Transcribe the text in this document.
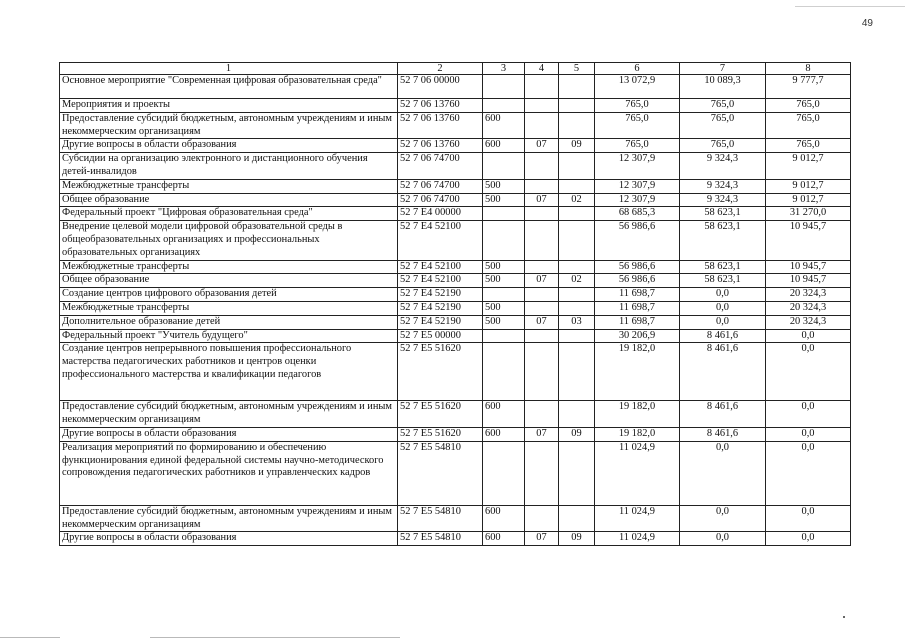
49
1	2	3	4	5	6	7	8
Основное мероприятие "Современная цифровая образовательная среда"	52 7 06 00000				13 072,9	10 089,3	9 777,7
Мероприятия и проекты	52 7 06 13760				765,0	765,0	765,0
Предоставление субсидий бюджетным, автономным учреждениям и иным некоммерческим организациям	52 7 06 13760	600			765,0	765,0	765,0
Другие вопросы в области образования	52 7 06 13760	600	07	09	765,0	765,0	765,0
Субсидии на организацию электронного и дистанционного обучения детей-инвалидов	52 7 06 74700				12 307,9	9 324,3	9 012,7
Межбюджетные трансферты	52 7 06 74700	500			12 307,9	9 324,3	9 012,7
Общее образование	52 7 06 74700	500	07	02	12 307,9	9 324,3	9 012,7
Федеральный проект "Цифровая образовательная среда"	52 7 E4 00000				68 685,3	58 623,1	31 270,0
Внедрение целевой модели цифровой образовательной среды в общеобразовательных организациях и профессиональных образовательных организациях	52 7 E4 52100				56 986,6	58 623,1	10 945,7
Межбюджетные трансферты	52 7 E4 52100	500			56 986,6	58 623,1	10 945,7
Общее образование	52 7 E4 52100	500	07	02	56 986,6	58 623,1	10 945,7
Создание центров цифрового образования детей	52 7 E4 52190				11 698,7	0,0	20 324,3
Межбюджетные трансферты	52 7 E4 52190	500			11 698,7	0,0	20 324,3
Дополнительное образование детей	52 7 E4 52190	500	07	03	11 698,7	0,0	20 324,3
Федеральный проект "Учитель будущего"	52 7 E5 00000				30 206,9	8 461,6	0,0
Создание центров непрерывного повышения профессионального мастерства педагогических работников и центров оценки профессионального мастерства и квалификации педагогов	52 7 E5 51620				19 182,0	8 461,6	0,0
Предоставление субсидий бюджетным, автономным учреждениям и иным некоммерческим организациям	52 7 E5 51620	600			19 182,0	8 461,6	0,0
Другие вопросы в области образования	52 7 E5 51620	600	07	09	19 182,0	8 461,6	0,0
Реализация мероприятий по формированию и обеспечению функционирования единой федеральной системы научно-методического сопровождения педагогических работников и управленческих кадров	52 7 E5 54810				11 024,9	0,0	0,0
Предоставление субсидий бюджетным, автономным учреждениям и иным некоммерческим организациям	52 7 E5 54810	600			11 024,9	0,0	0,0
Другие вопросы в области образования	52 7 E5 54810	600	07	09	11 024,9	0,0	0,0
